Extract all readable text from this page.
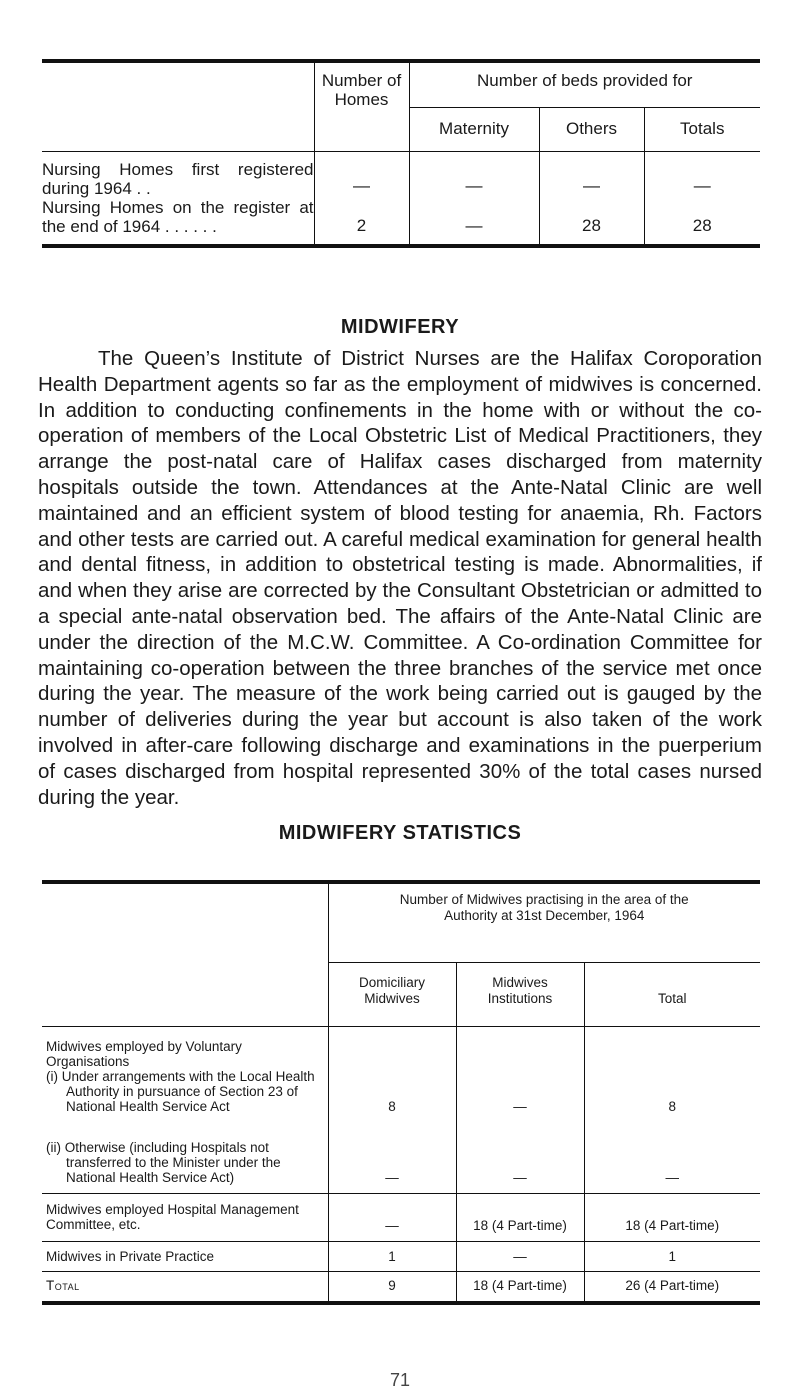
	Number of Homes	Number of beds provided for		
		Maternity	Others	Totals
Nursing Homes first registered during 1964 . .	—	—	—	—
Nursing Homes on the register at the end of 1964 . . . . . .	2	—	28	28
MIDWIFERY

The Queen’s Institute of District Nurses are the Halifax Coroporation Health Department agents so far as the employment of midwives is concerned. In addition to conducting confinements in the home with or without the co-operation of members of the Local Obstetric List of Medical Practitioners, they arrange the post-natal care of Halifax cases discharged from maternity hospitals outside the town. Attendances at the Ante-Natal Clinic are well maintained and an efficient system of blood testing for anaemia, Rh. Factors and other tests are carried out. A careful medical examination for general health and dental fitness, in addition to obstetrical testing is made. Abnormalities, if and when they arise are corrected by the Consultant Obstetrician or admitted to a special ante-natal observation bed. The affairs of the Ante-Natal Clinic are under the direction of the M.C.W. Committee. A Co-ordination Committee for maintaining co-operation between the three branches of the service met once during the year. The measure of the work being carried out is gauged by the number of deliveries during the year but account is also taken of the work involved in after-care following discharge and examinations in the puerperium of cases discharged from hospital represented 30% of the total cases nursed during the year.

MIDWIFERY STATISTICS
	Number of Midwives practising in the area of the Authority at 31st December, 1964		
	Domiciliary Midwives	Midwives Institutions	Total

Midwives employed by Voluntary Organisations
(i) Under arrangements with the Local Health Authority in pursuance of Section 23 of National Health Service Act	8	—	8

(ii) Otherwise (including Hospitals not transferred to the Minister under the National Health Service Act)	—	—	—
Midwives employed Hospital Management Committee, etc.	—	18 (4 Part-time)	18 (4 Part-time)
Midwives in Private Practice	1	—	1
Total	9	18 (4 Part-time)	26 (4 Part-time)
71
